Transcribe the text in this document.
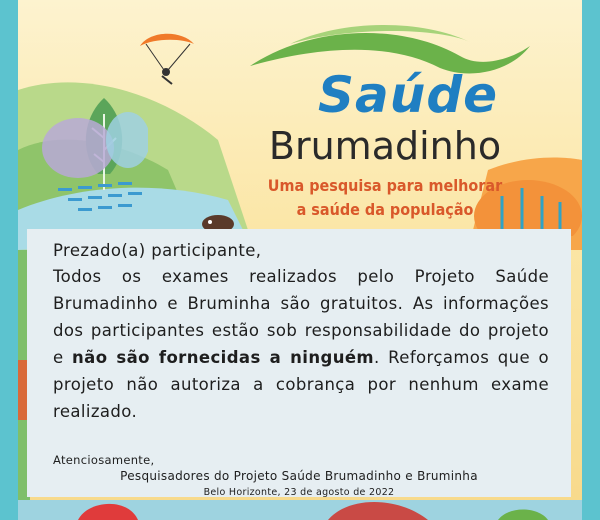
Saúde
Brumadinho
Uma pesquisa para melhorar
a saúde da população
Prezado(a) participante,

Todos os exames realizados pelo Projeto Saúde Brumadinho e Bruminha são gratuitos. As informações dos participantes estão sob responsabilidade do projeto e não são fornecidas a ninguém. Reforçamos que o projeto não autoriza a cobrança por nenhum exame realizado.

Atenciosamente,
Pesquisadores do Projeto Saúde Brumadinho e Bruminha
Belo Horizonte, 23 de agosto de 2022
